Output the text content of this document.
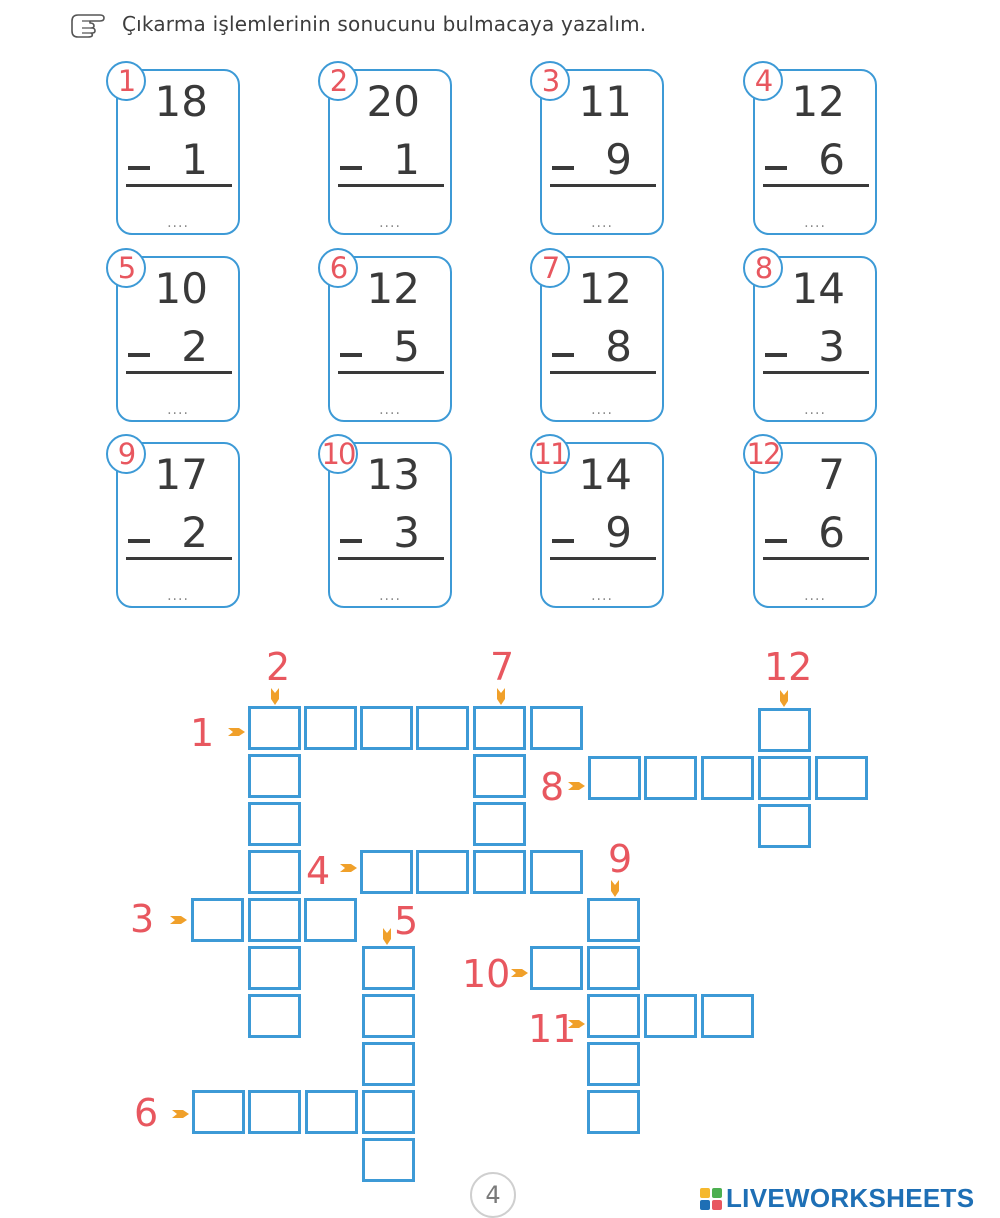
Çıkarma işlemlerinin sonucunu bulmacaya yazalım.
1 18
1
....
2 20
1
....
3 11
9
....
4 12
6
....
5 10
2
....
6 12
5
....
7 12
8
....
8 14
3
....
9 17
2
....
10 13
3
....
11 14
9
....
12 7
6
....
1
2
3
4
5
6
7
8
9
10
11
12
4	LIVEWORKSHEETS
